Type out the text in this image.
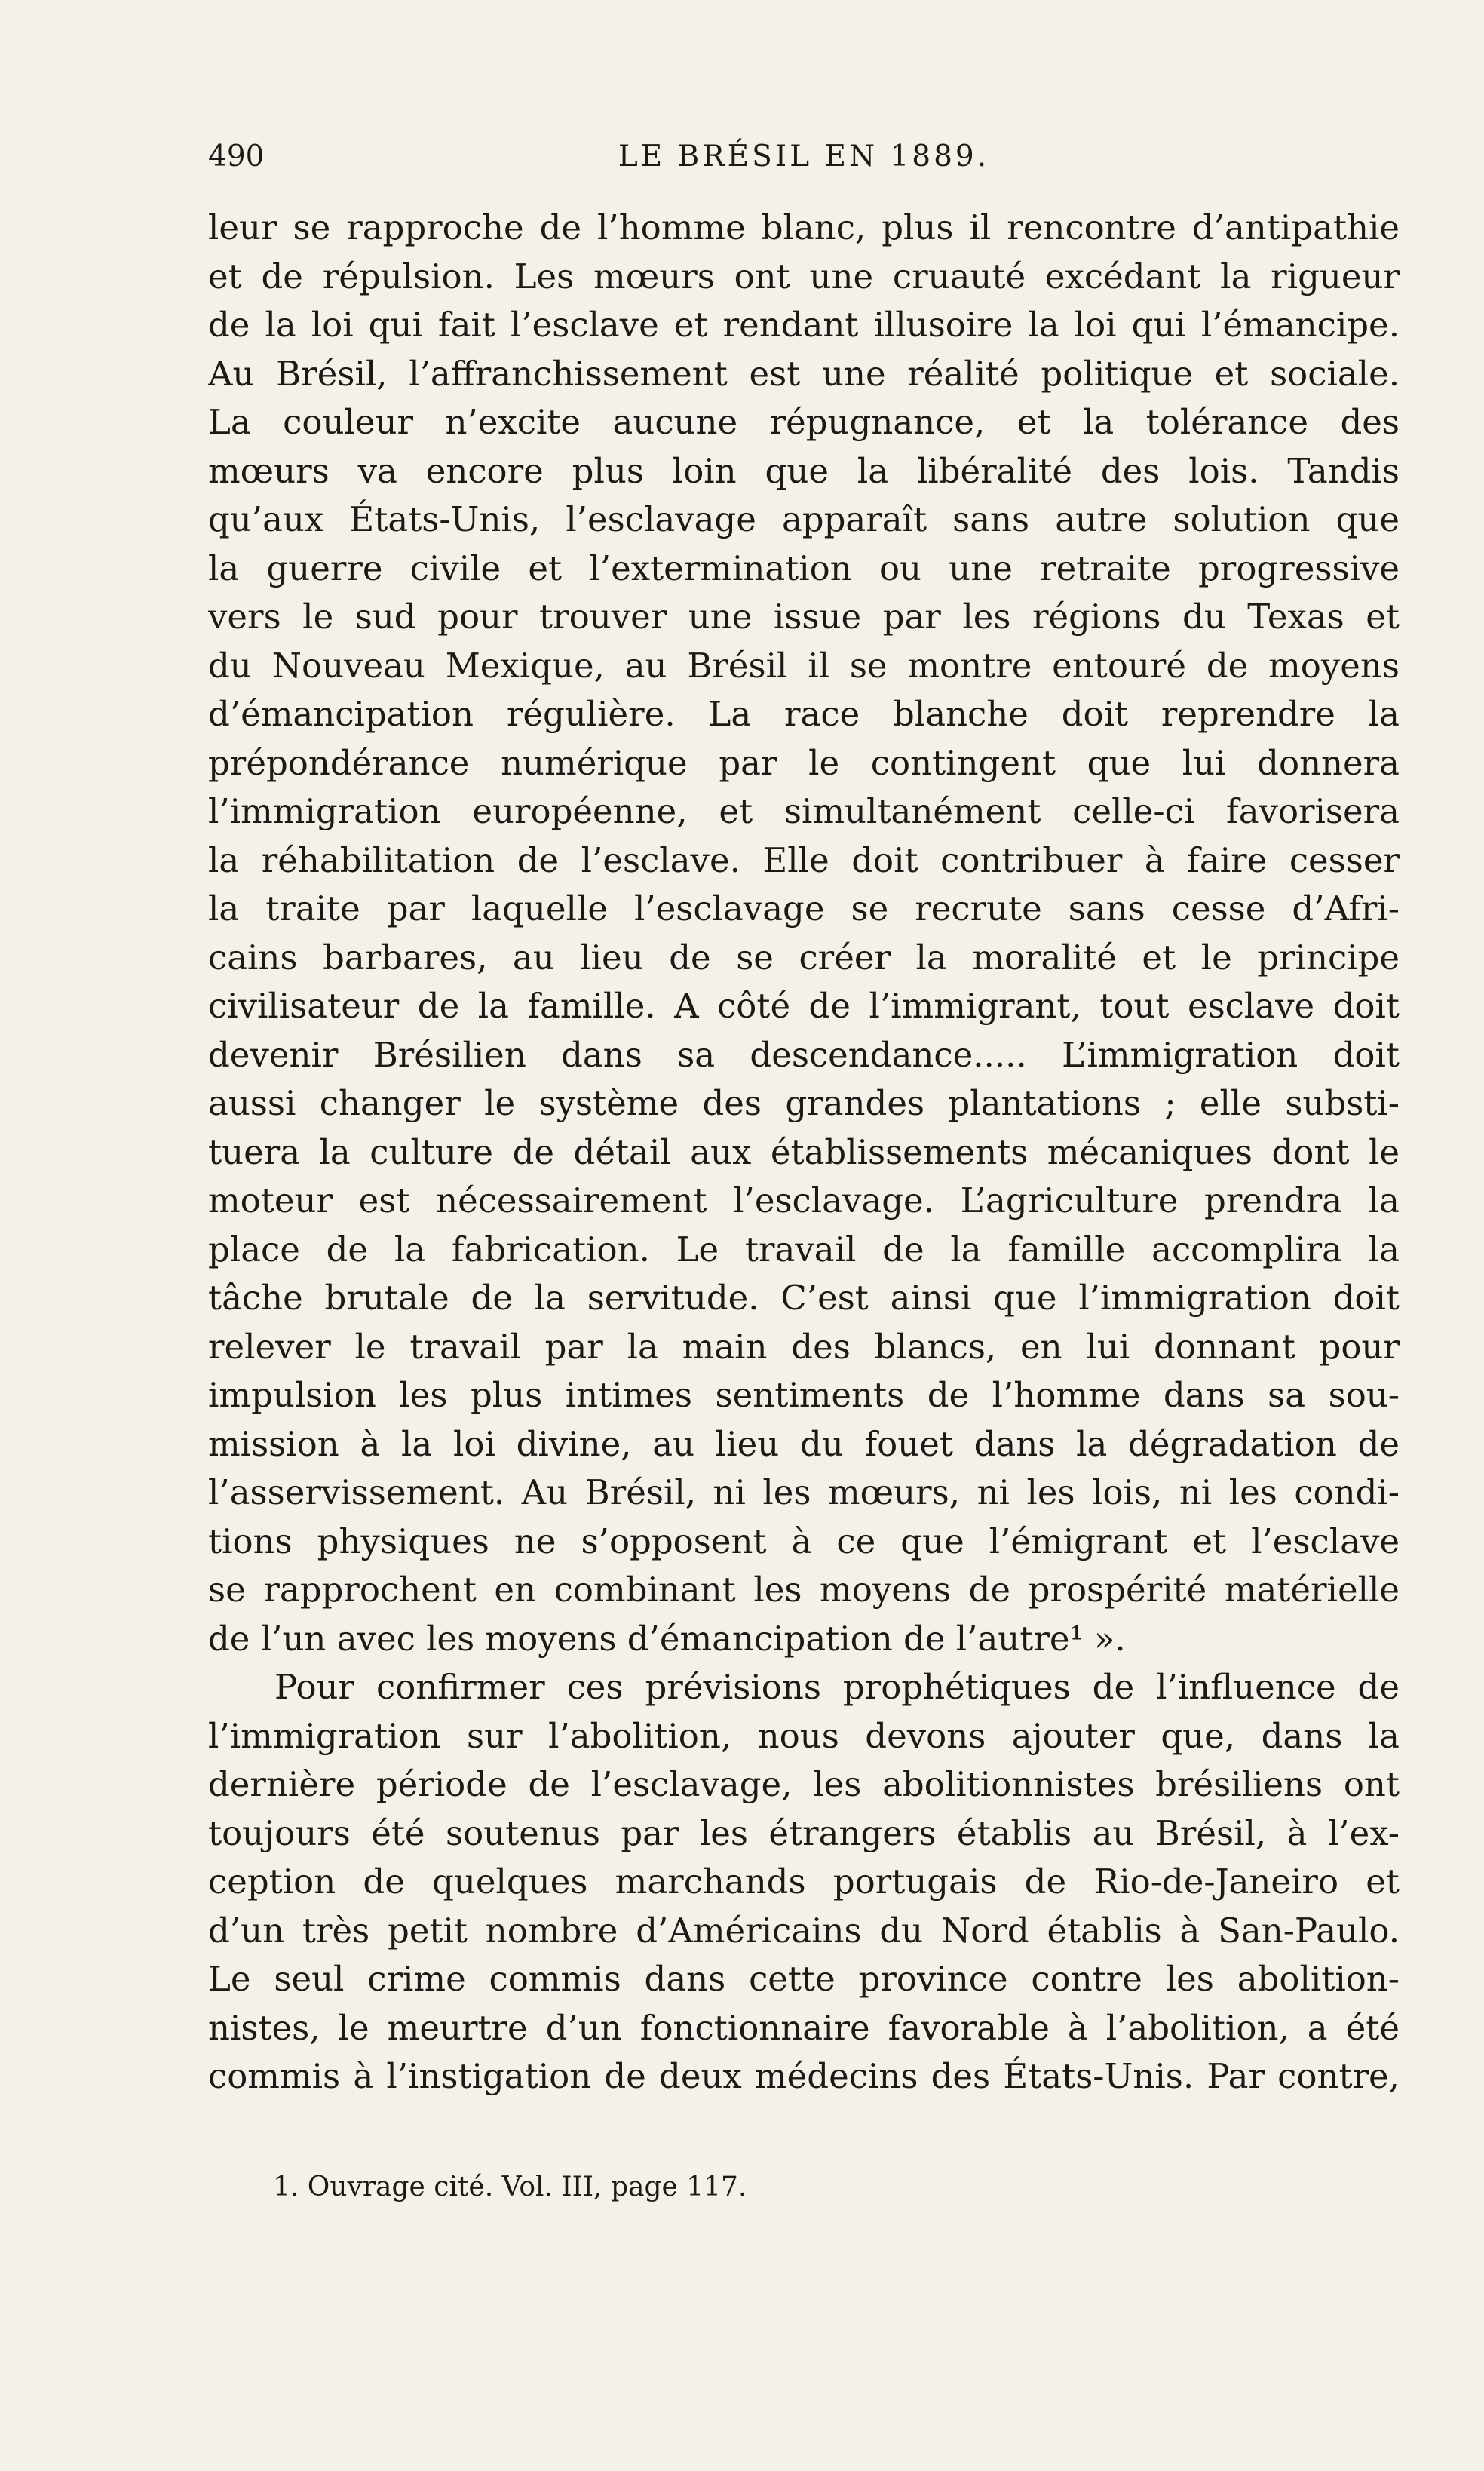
490	LE BRÉSIL EN 1889.
leur se rapproche de l’homme blanc, plus il rencontre d’antipathie
et de répulsion. Les mœurs ont une cruauté excédant la rigueur
de la loi qui fait l’esclave et rendant illusoire la loi qui l’émancipe.
Au Brésil, l’affranchissement est une réalité politique et sociale.
La couleur n’excite aucune répugnance, et la tolérance des
mœurs va encore plus loin que la libéralité des lois. Tandis
qu’aux États-Unis, l’esclavage apparaît sans autre solution que
la guerre civile et l’extermination ou une retraite progressive
vers le sud pour trouver une issue par les régions du Texas et
du Nouveau Mexique, au Brésil il se montre entouré de moyens
d’émancipation régulière. La race blanche doit reprendre la
prépondérance numérique par le contingent que lui donnera
l’immigration européenne, et simultanément celle-ci favorisera
la réhabilitation de l’esclave. Elle doit contribuer à faire cesser
la traite par laquelle l’esclavage se recrute sans cesse d’Afri-
cains barbares, au lieu de se créer la moralité et le principe
civilisateur de la famille. A côté de l’immigrant, tout esclave doit
devenir Brésilien dans sa descendance..... L’immigration doit
aussi changer le système des grandes plantations ; elle substi-
tuera la culture de détail aux établissements mécaniques dont le
moteur est nécessairement l’esclavage. L’agriculture prendra la
place de la fabrication. Le travail de la famille accomplira la
tâche brutale de la servitude. C’est ainsi que l’immigration doit
relever le travail par la main des blancs, en lui donnant pour
impulsion les plus intimes sentiments de l’homme dans sa sou-
mission à la loi divine, au lieu du fouet dans la dégradation de
l’asservissement. Au Brésil, ni les mœurs, ni les lois, ni les condi-
tions physiques ne s’opposent à ce que l’émigrant et l’esclave
se rapprochent en combinant les moyens de prospérité matérielle
de l’un avec les moyens d’émancipation de l’autre¹ ».
Pour confirmer ces prévisions prophétiques de l’influence de
l’immigration sur l’abolition, nous devons ajouter que, dans la
dernière période de l’esclavage, les abolitionnistes brésiliens ont
toujours été soutenus par les étrangers établis au Brésil, à l’ex-
ception de quelques marchands portugais de Rio-de-Janeiro et
d’un très petit nombre d’Américains du Nord établis à San-Paulo.
Le seul crime commis dans cette province contre les abolition-
nistes, le meurtre d’un fonctionnaire favorable à l’abolition, a été
commis à l’instigation de deux médecins des États-Unis. Par contre,
1. Ouvrage cité. Vol. III, page 117.
